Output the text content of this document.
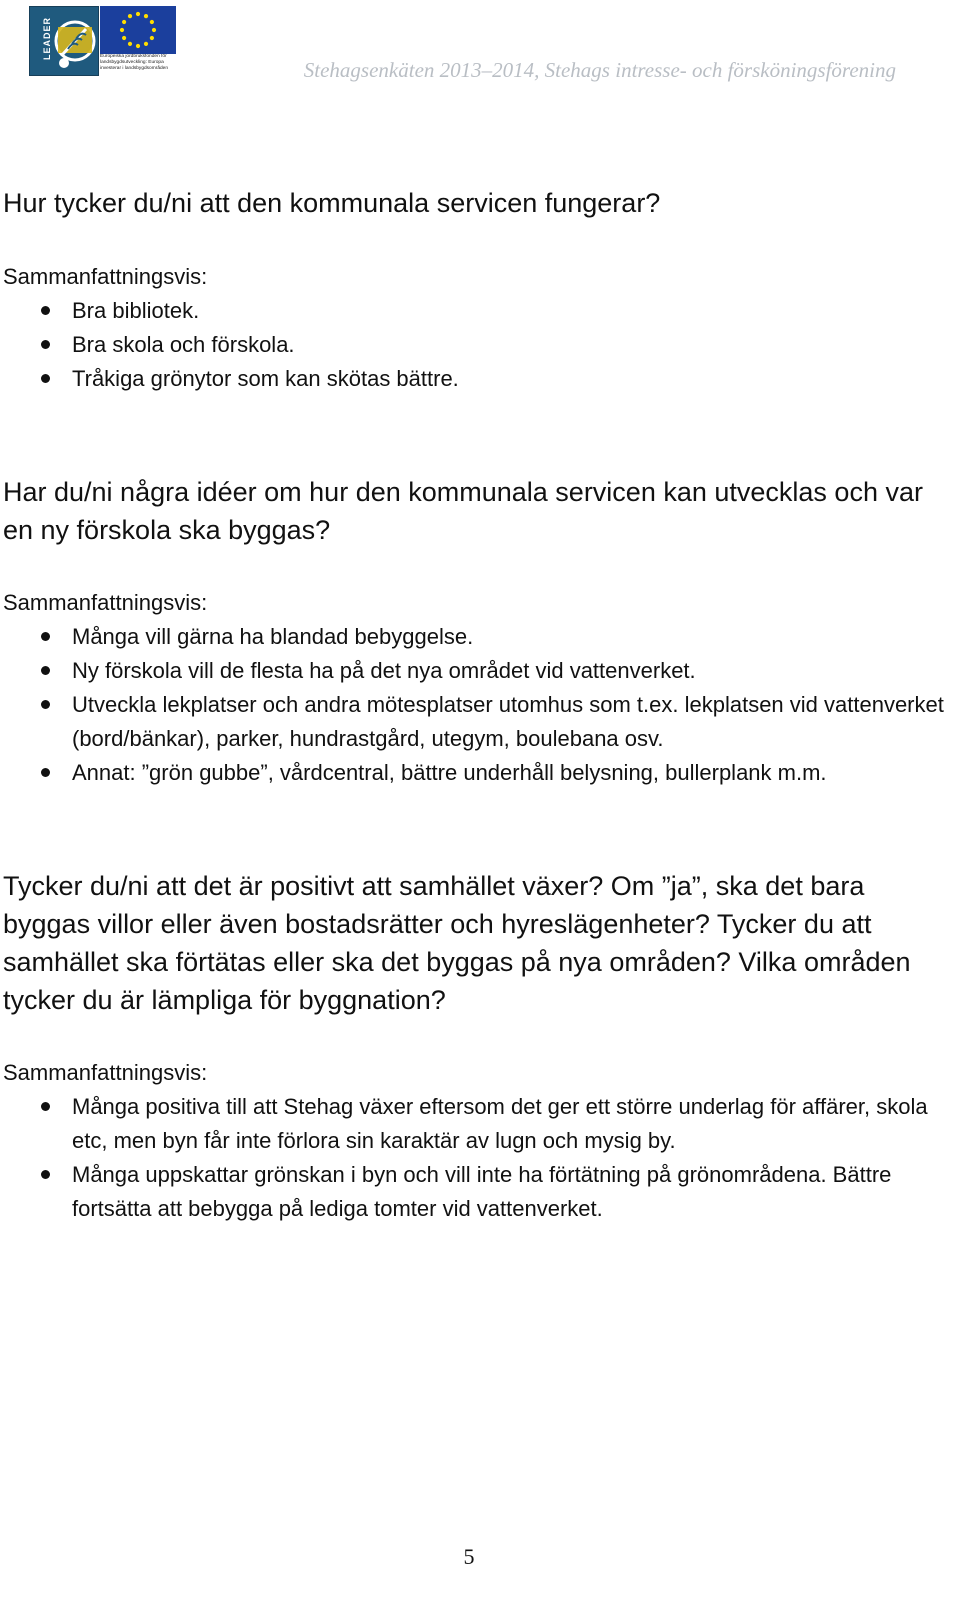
LEADER	Europeiska jordbruksfonden för
landsbygdsutveckling: Europa
investerar i landsbygdsområden	Stehagsenkäten 2013–2014, Stehags intresse- och försköningsförening
Hur tycker du/ni att den kommunala servicen fungerar?

Sammanfattningsvis:

Bra bibliotek.
Bra skola och förskola.
Tråkiga grönytor som kan skötas bättre.
Har du/ni några idéer om hur den kommunala servicen kan utvecklas och var en ny förskola ska byggas?

Sammanfattningsvis:

Många vill gärna ha blandad bebyggelse.
Ny förskola vill de flesta ha på det nya området vid vattenverket.
Utveckla lekplatser och andra mötesplatser utomhus som t.ex. lekplatsen vid vattenverket (bord/bänkar), parker, hundrastgård, utegym, boulebana osv.
Annat: ”grön gubbe”, vårdcentral, bättre underhåll belysning, bullerplank m.m.
Tycker du/ni att det är positivt att samhället växer? Om ”ja”, ska det bara byggas villor eller även bostadsrätter och hyreslägenheter? Tycker du att samhället ska förtätas eller ska det byggas på nya områden? Vilka områden tycker du är lämpliga för byggnation?

Sammanfattningsvis:

Många positiva till att Stehag växer eftersom det ger ett större underlag för affärer, skola etc, men byn får inte förlora sin karaktär av lugn och mysig by.
Många uppskattar grönskan i byn och vill inte ha förtätning på grönområdena. Bättre fortsätta att bebygga på lediga tomter vid vattenverket.
5
